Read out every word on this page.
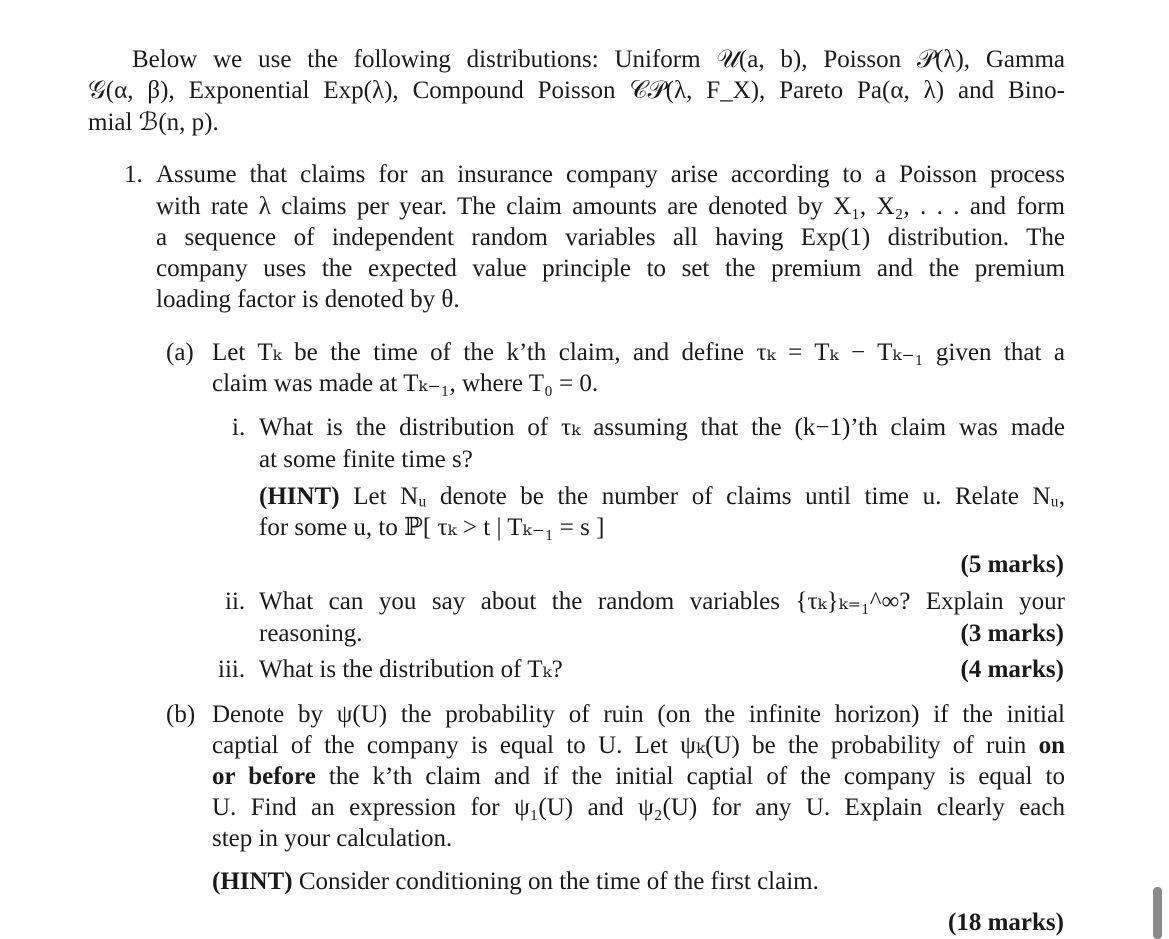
Below we use the following distributions: Uniform 𝒰(a, b), Poisson 𝒫(λ), Gamma
𝒢(α, β), Exponential Exp(λ), Compound Poisson 𝒞𝒫(λ, F_X), Pareto Pa(α, λ) and Bino-
mial ℬ(n, p).
1. Assume that claims for an insurance company arise according to a Poisson process
with rate λ claims per year. The claim amounts are denoted by X₁, X₂, . . . and form
a sequence of independent random variables all having Exp(1) distribution. The
company uses the expected value principle to set the premium and the premium
loading factor is denoted by θ.
(a) Let Tₖ be the time of the k’th claim, and define τₖ = Tₖ − Tₖ₋₁ given that a
claim was made at Tₖ₋₁, where T₀ = 0.
i. What is the distribution of τₖ assuming that the (k−1)’th claim was made
at some finite time s?
(HINT) Let Nᵤ denote be the number of claims until time u. Relate Nᵤ,
for some u, to ℙ[ τₖ > t | Tₖ₋₁ = s ]
(5 marks)
ii. What can you say about the random variables {τₖ}ₖ₌₁^∞? Explain your
reasoning.	(3 marks)
iii. What is the distribution of Tₖ?	(4 marks)
(b) Denote by ψ(U) the probability of ruin (on the infinite horizon) if the initial
captial of the company is equal to U. Let ψₖ(U) be the probability of ruin on
or before the k’th claim and if the initial captial of the company is equal to
U. Find an expression for ψ₁(U) and ψ₂(U) for any U. Explain clearly each
step in your calculation.
(HINT) Consider conditioning on the time of the first claim.
(18 marks)
